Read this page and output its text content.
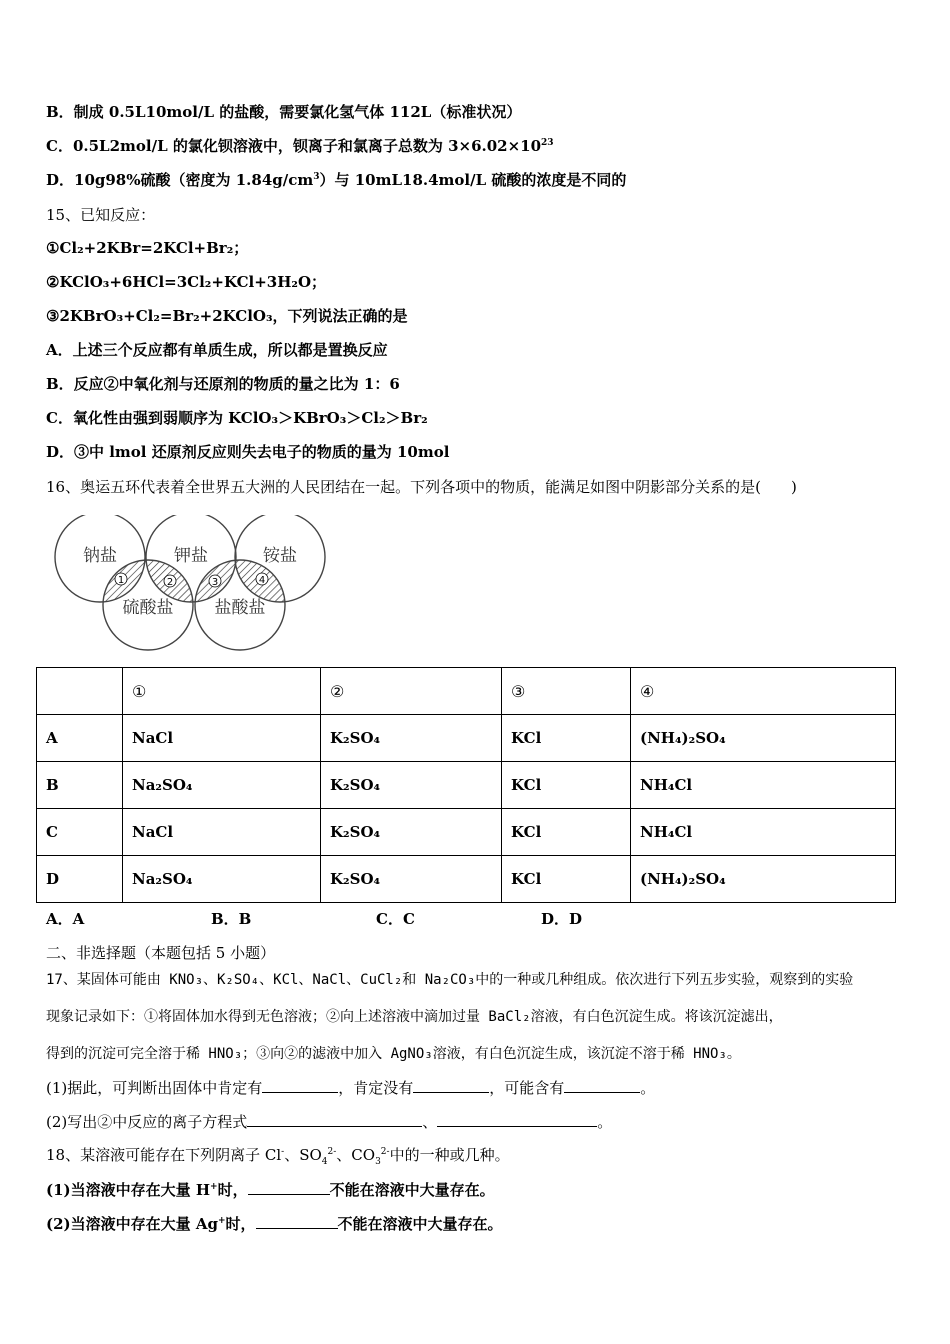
B．制成 0.5L10mol/L 的盐酸，需要氯化氢气体 112L（标准状况）
C．0.5L2mol/L 的氯化钡溶液中，钡离子和氯离子总数为 $3\times 6.02\times 10^{23}$
D．10g98%硫酸（密度为 $1.84g/cm^3$）与 10mL18.4mol/L 硫酸的浓度是不同的
15、已知反应：
①Cl₂+2KBr=2KCl+Br₂；
②KClO₃+6HCl=3Cl₂+KCl+3H₂O；
③2KBrO₃+Cl₂=Br₂+2KClO₃，下列说法正确的是
A．上述三个反应都有单质生成，所以都是置换反应
B．反应②中氧化剂与还原剂的物质的量之比为 1：6
C．氧化性由强到弱顺序为 KClO₃＞KBrO₃＞Cl₂＞Br₂
D．③中 lmol 还原剂反应则失去电子的物质的量为 10mol
16、奥运五环代表着全世界五大洲的人民团结在一起。下列各项中的物质，能满足如图中阴影部分关系的是(　　)
钠盐	钾盐	铵盐
硫酸盐 盐酸盐
1	2	3	4
	①	②	③	④
A	NaCl	K₂SO₄	KCl	(NH₄)₂SO₄
B	Na₂SO₄	K₂SO₄	KCl	NH₄Cl
C	NaCl	K₂SO₄	KCl	NH₄Cl
D	Na₂SO₄	K₂SO₄	KCl	(NH₄)₂SO₄
A．A	B．B	C．C	D．D
二、非选择题（本题包括 5 小题）
17、某固体可能由 KNO₃、K₂SO₄、KCl、NaCl、CuCl₂和 Na₂CO₃中的一种或几种组成。依次进行下列五步实验，观察到的实验
现象记录如下：①将固体加水得到无色溶液；②向上述溶液中滴加过量 BaCl₂溶液，有白色沉淀生成。将该沉淀滤出，
得到的沉淀可完全溶于稀 HNO₃；③向②的滤液中加入 AgNO₃溶液，有白色沉淀生成，该沉淀不溶于稀 HNO₃。
(1)据此，可判断出固体中肯定有	，肯定没有	，可能含有	。
(2)写出②中反应的离子方程式	、	。
18、某溶液可能存在下列阴离子 Cl-、$SO_4^{2-}$、$CO_3^{2-}$中的一种或几种。
(1)当溶液中存在大量 H+时，	不能在溶液中大量存在。
(2)当溶液中存在大量 Ag+时，	不能在溶液中大量存在。
